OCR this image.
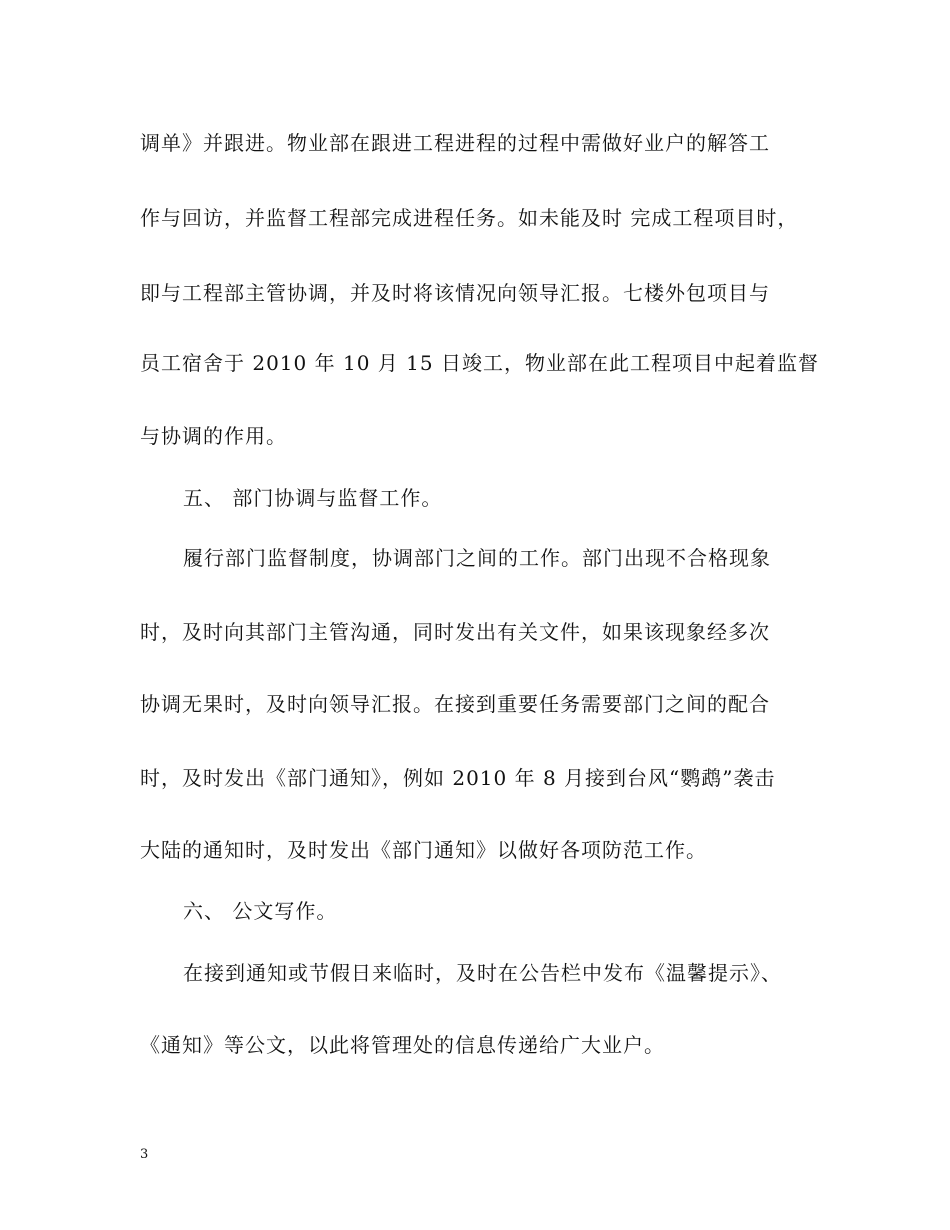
调单》并跟进。物业部在跟进工程进程的过程中需做好业户的解答工
作与回访，并监督工程部完成进程任务。如未能及时 完成工程项目时，
即与工程部主管协调，并及时将该情况向领导汇报。七楼外包项目与
员工宿舍于 2010 年 10 月 15 日竣工，物业部在此工程项目中起着监督
与协调的作用。
五、 部门协调与监督工作。
履行部门监督制度，协调部门之间的工作。部门出现不合格现象
时，及时向其部门主管沟通，同时发出有关文件，如果该现象经多次
协调无果时，及时向领导汇报。在接到重要任务需要部门之间的配合
时，及时发出《部门通知》，例如 2010 年 8 月接到台风“鹦鹉”袭击
大陆的通知时，及时发出《部门通知》以做好各项防范工作。
六、 公文写作。
在接到通知或节假日来临时，及时在公告栏中发布《温馨提示》、
《通知》等公文，以此将管理处的信息传递给广大业户。
3
